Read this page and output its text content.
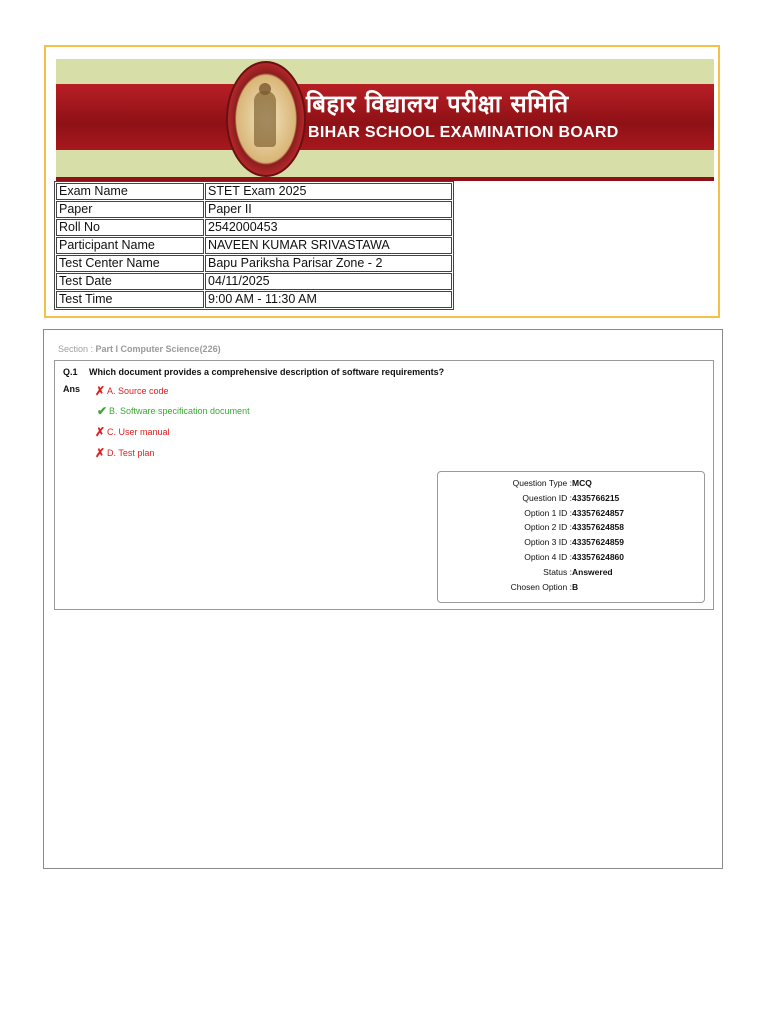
बिहार विद्यालय परीक्षा समिति
BIHAR SCHOOL EXAMINATION BOARD
Exam Name	STET Exam 2025
Paper	Paper II
Roll No	2542000453
Participant Name	NAVEEN KUMAR SRIVASTAWA
Test Center Name	Bapu Pariksha Parisar Zone - 2
Test Date	04/11/2025
Test Time	9:00 AM - 11:30 AM
Section : Part I Computer Science(226)
Q.1 Which document provides a comprehensive description of software requirements?
Ans ✗ A. Source code
✔ B. Software specification document
✗ C. User manual
✗ D. Test plan
Question Type : MCQ
Question ID : 4335766215
Option 1 ID : 43357624857
Option 2 ID : 43357624858
Option 3 ID : 43357624859
Option 4 ID : 43357624860
Status : Answered
Chosen Option : B
